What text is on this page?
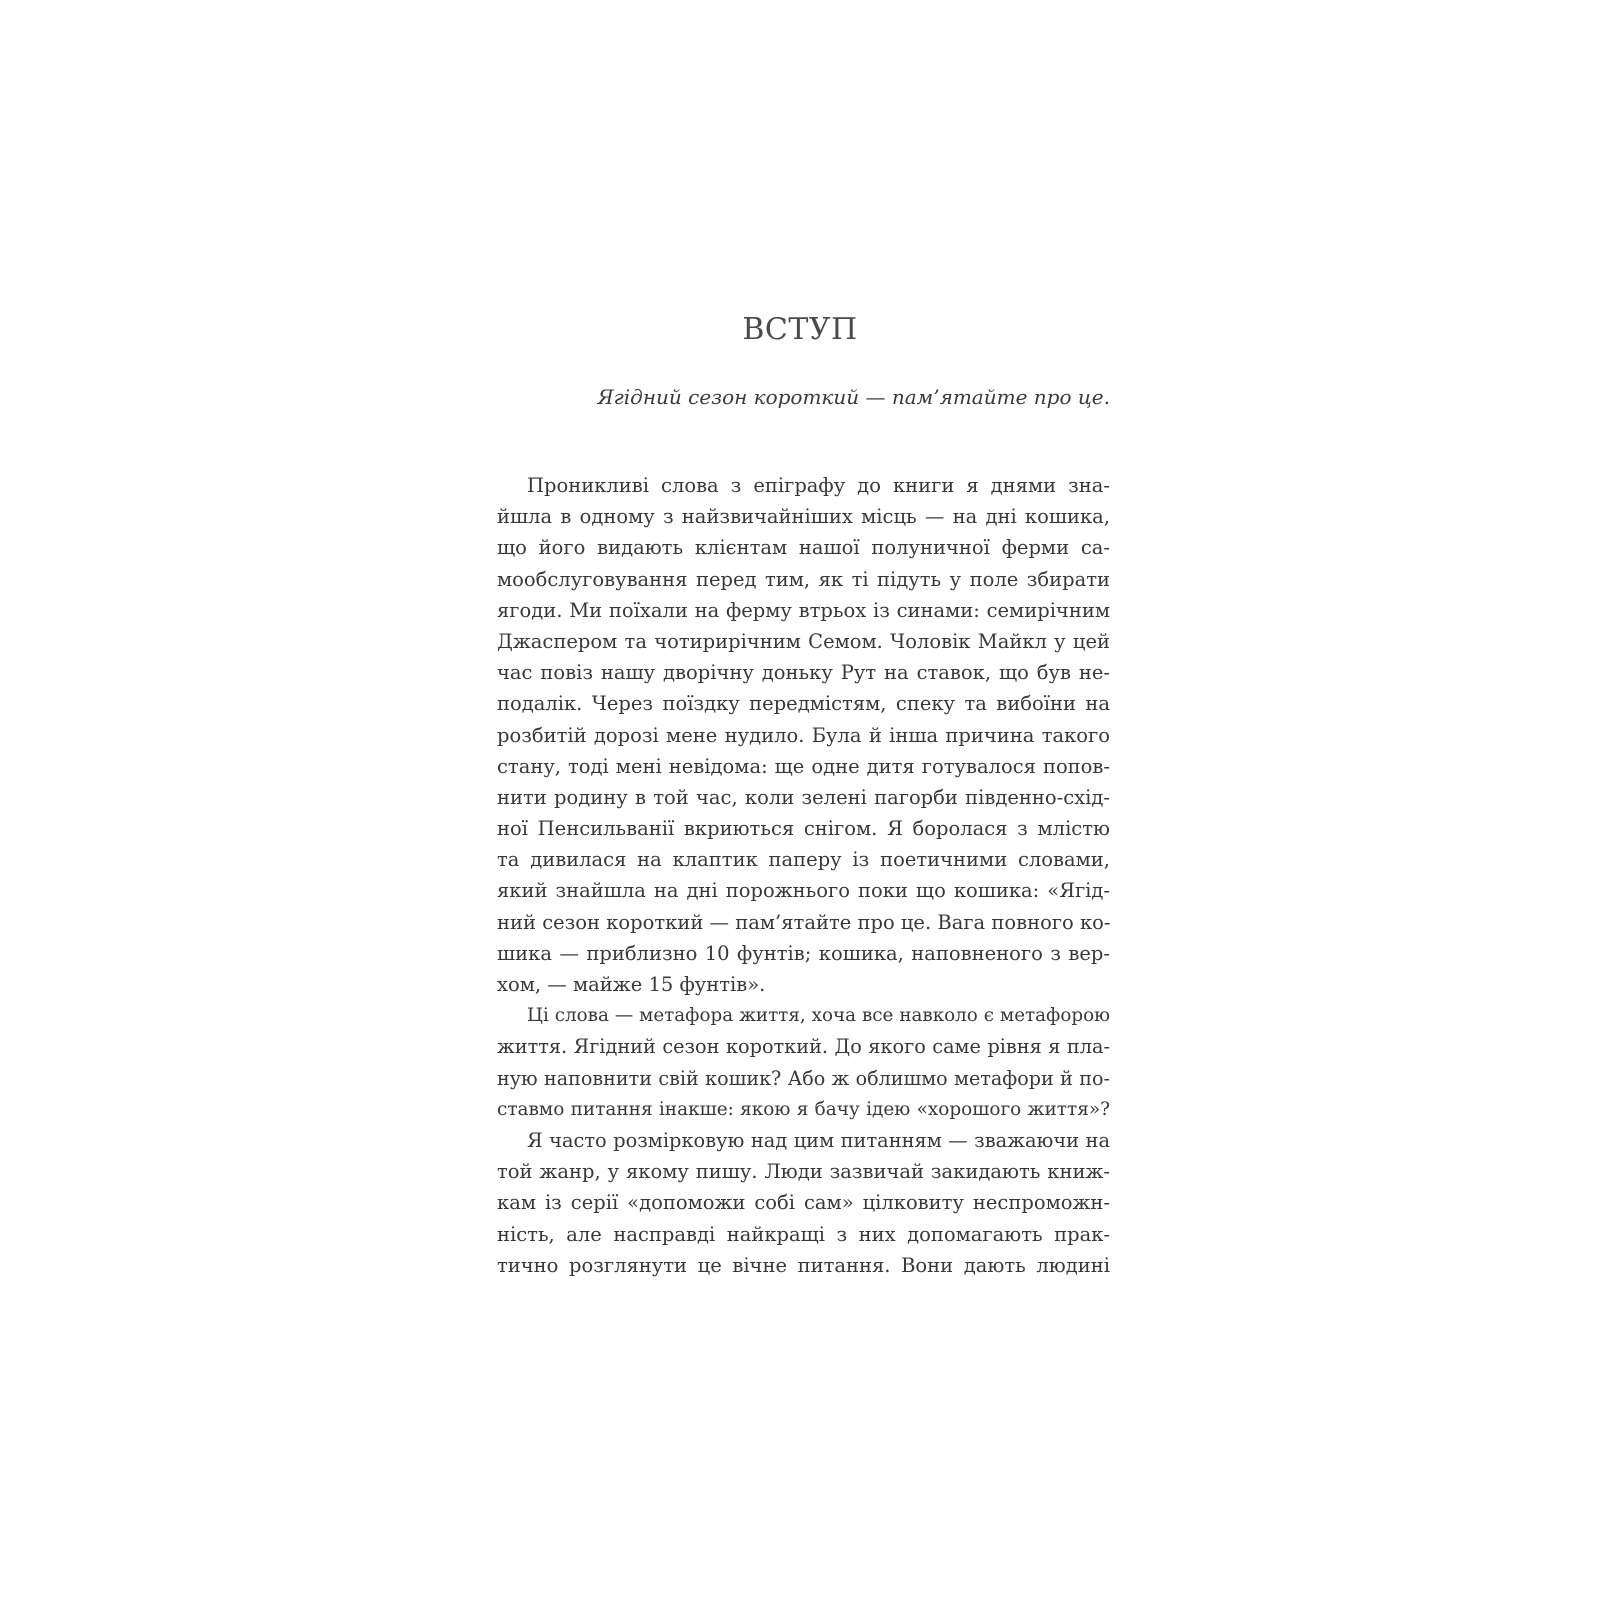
ВСТУП

Ягідний сезон короткий — пам’ятайте про це.

Проникливі слова з епіграфу до книги я днями зна-
йшла в одному з найзвичайніших місць — на дні кошика,
що його видають клієнтам нашої полуничної ферми са-
мообслуговування перед тим, як ті підуть у поле збирати
ягоди. Ми поїхали на ферму втрьох із синами: семирічним
Джаспером та чотирирічним Семом. Чоловік Майкл у цей
час повіз нашу дворічну доньку Рут на ставок, що був не-
подалік. Через поїздку передмістям, спеку та вибоїни на
розбитій дорозі мене нудило. Була й інша причина такого
стану, тоді мені невідома: ще одне дитя готувалося попов-
нити родину в той час, коли зелені пагорби південно-схід-
ної Пенсильванії вкриються снігом. Я боролася з млістю
та дивилася на клаптик паперу із поетичними словами,
який знайшла на дні порожнього поки що кошика: «Ягід-
ний сезон короткий — пам’ятайте про це. Вага повного ко-
шика — приблизно 10 фунтів; кошика, наповненого з вер-
хом, — майже 15 фунтів».
Ці слова — метафора життя, хоча все навколо є метафорою
життя. Ягідний сезон короткий. До якого саме рівня я пла-
ную наповнити свій кошик? Або ж облишмо метафори й по-
ставмо питання інакше: якою я бачу ідею «хорошого життя»?
Я часто розмірковую над цим питанням — зважаючи на
той жанр, у якому пишу. Люди зазвичай закидають книж-
кам із серії «допоможи собі сам» цілковиту неспроможн-
ність, але насправді найкращі з них допомагають прак-
тично розглянути це вічне питання. Вони дають людині
